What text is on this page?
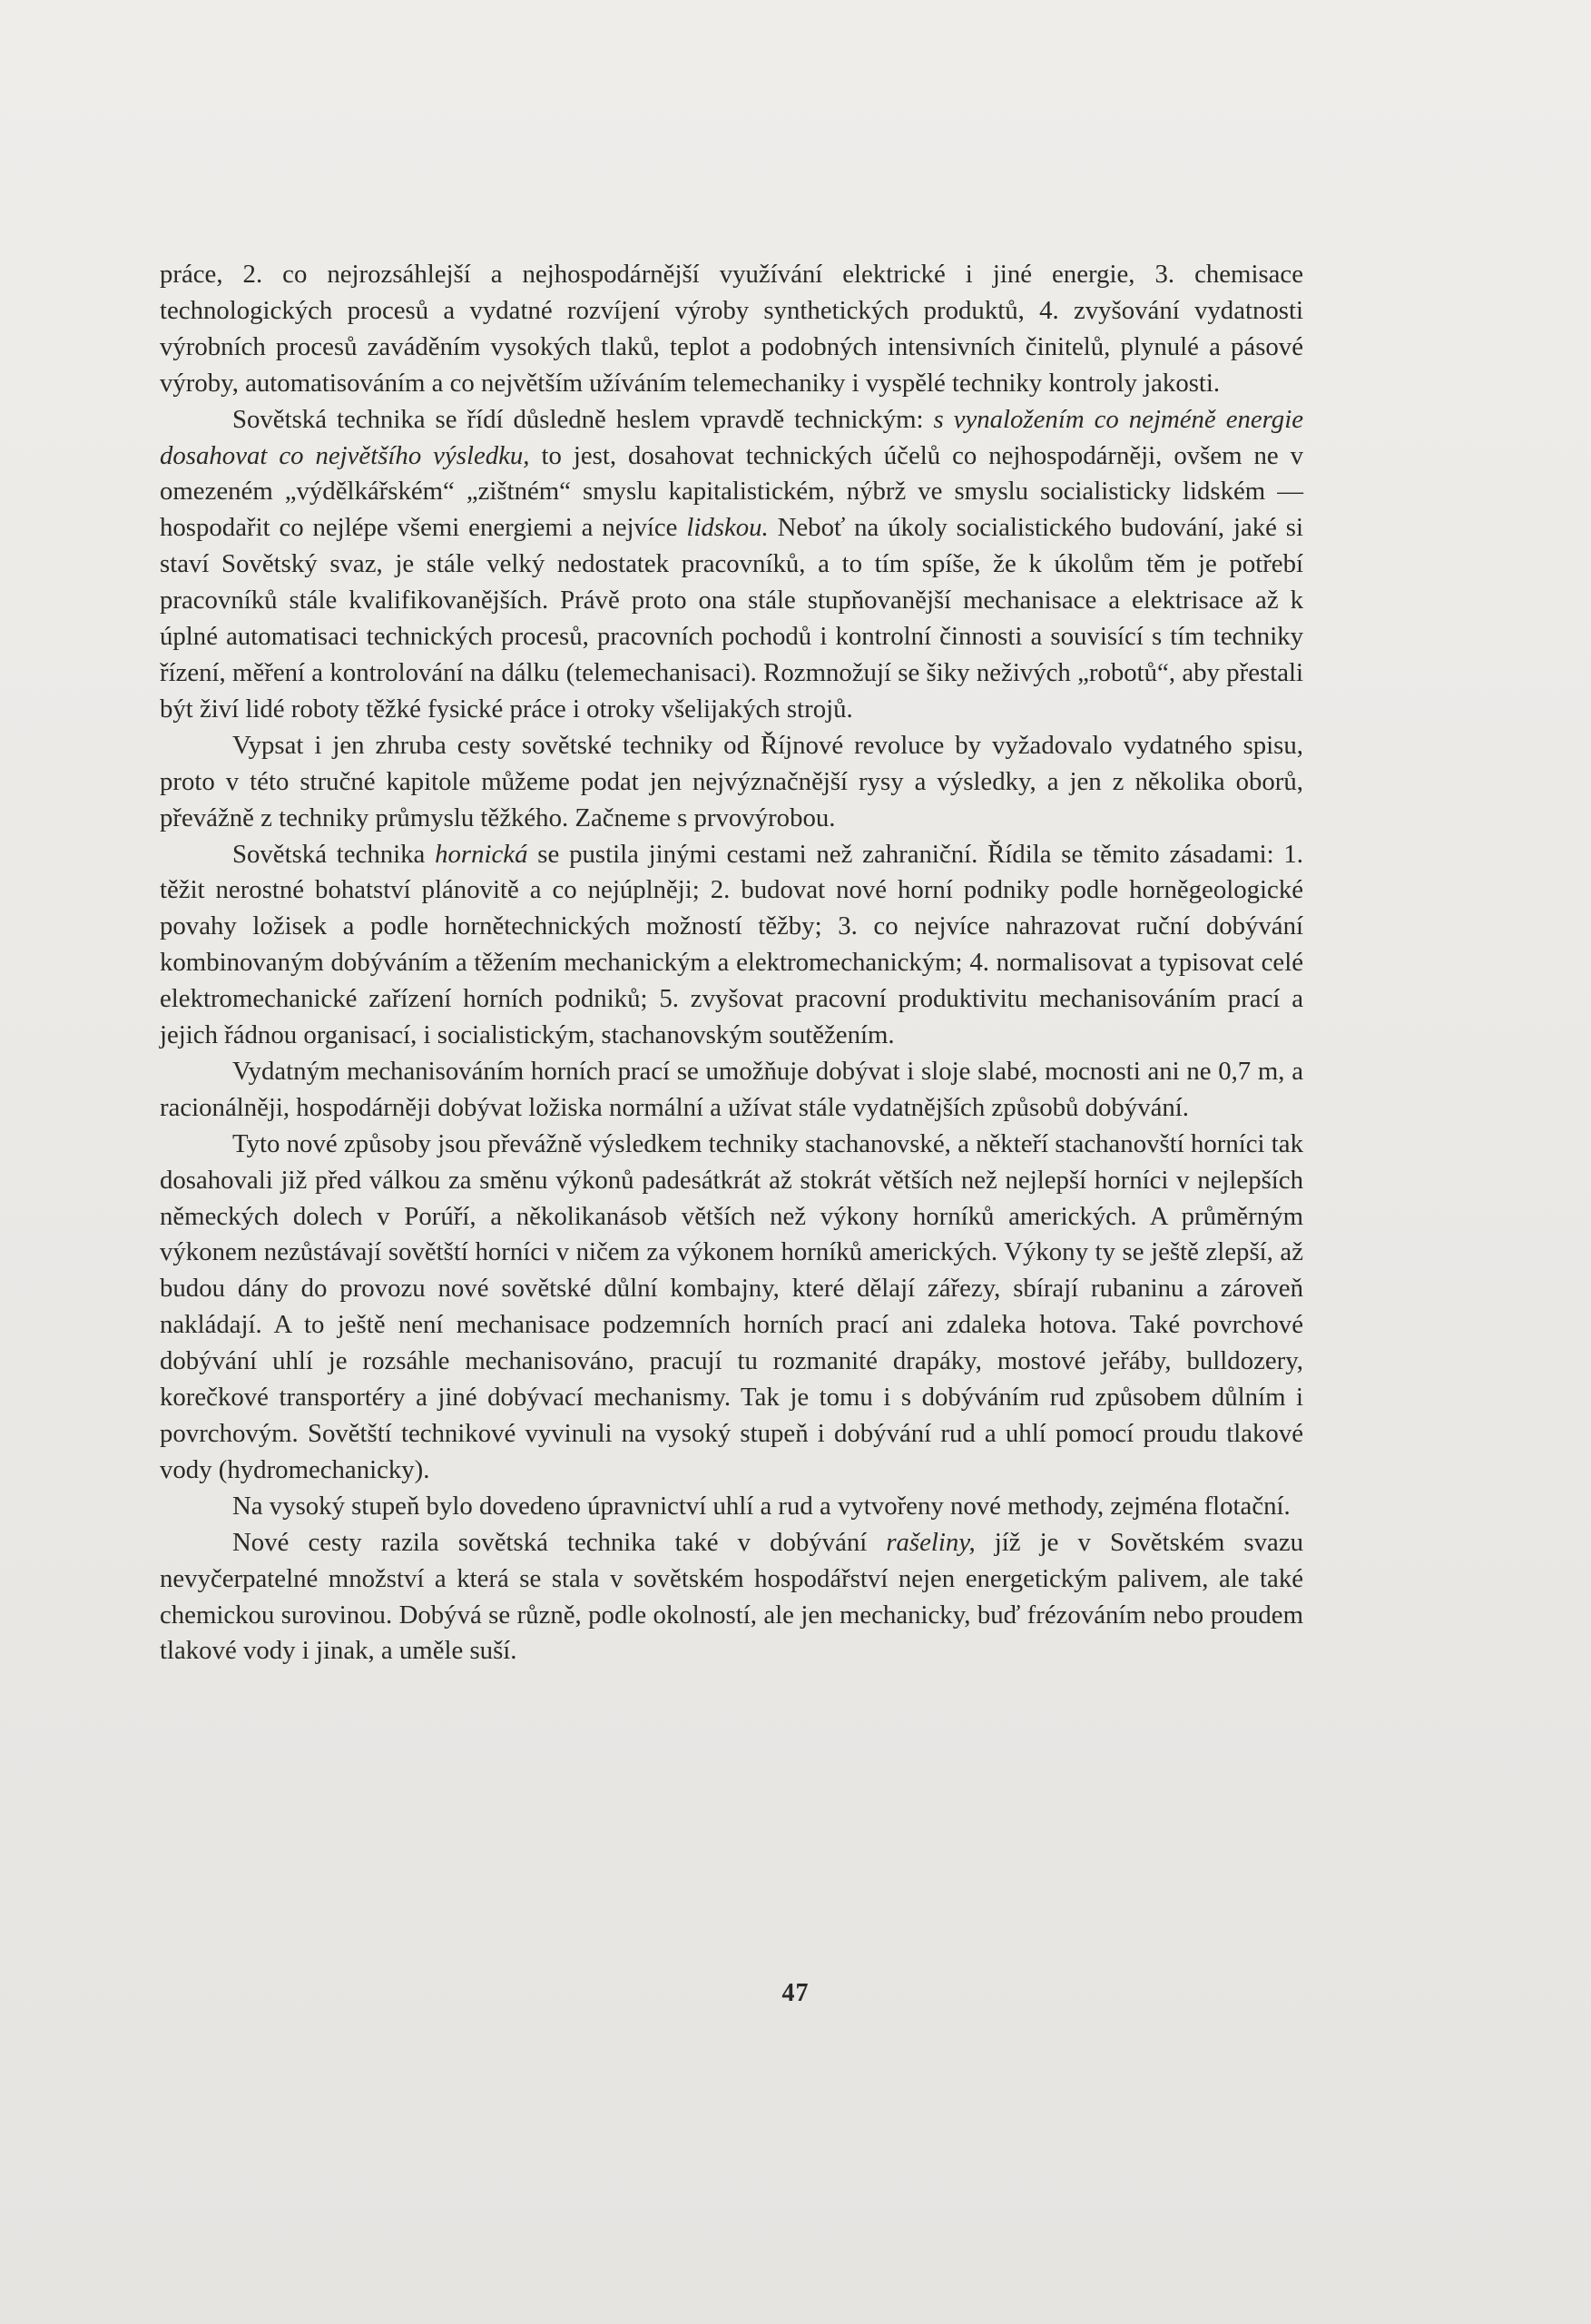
práce, 2. co nejrozsáhlejší a nejhospodárnější využívání elektrické i jiné energie, 3. chemisace technologických procesů a vydatné rozvíjení výroby synthetických produktů, 4. zvyšování vydatnosti výrobních procesů zaváděním vysokých tlaků, teplot a podobných intensivních činitelů, plynulé a pásové výroby, automatisováním a co největším užíváním telemechaniky i vyspělé techniky kontroly jakosti.

Sovětská technika se řídí důsledně heslem vpravdě technickým: s vynaložením co nejméně energie dosahovat co největšího výsledku, to jest, dosahovat technických účelů co nejhospodárněji, ovšem ne v omezeném „výdělkářském“ „zištném“ smyslu kapitalistickém, nýbrž ve smyslu socialisticky lidském — hospodařit co nejlépe všemi energiemi a nejvíce lidskou. Neboť na úkoly socialistického budování, jaké si staví Sovětský svaz, je stále velký nedostatek pracovníků, a to tím spíše, že k úkolům těm je potřebí pracovníků stále kvalifikovanějších. Právě proto ona stále stupňovanější mechanisace a elektrisace až k úplné automatisaci technických procesů, pracovních pochodů i kontrolní činnosti a souvisící s tím techniky řízení, měření a kontrolování na dálku (telemechanisaci). Rozmnožují se šiky neživých „robotů“, aby přestali být živí lidé roboty těžké fysické práce i otroky všelijakých strojů.

Vypsat i jen zhruba cesty sovětské techniky od Říjnové revoluce by vyžadovalo vydatného spisu, proto v této stručné kapitole můžeme podat jen nejvýznačnější rysy a výsledky, a jen z několika oborů, převážně z techniky průmyslu těžkého. Začneme s prvovýrobou.

Sovětská technika hornická se pustila jinými cestami než zahraniční. Řídila se těmito zásadami: 1. těžit nerostné bohatství plánovitě a co nejúplněji; 2. budovat nové horní podniky podle horněgeologické povahy ložisek a podle hornětechnických možností těžby; 3. co nejvíce nahrazovat ruční dobývání kombinovaným dobýváním a těžením mechanickým a elektromechanickým; 4. normalisovat a typisovat celé elektromechanické zařízení horních podniků; 5. zvyšovat pracovní produktivitu mechanisováním prací a jejich řádnou organisací, i socialistickým, stachanovským soutěžením.

Vydatným mechanisováním horních prací se umožňuje dobývat i sloje slabé, mocnosti ani ne 0,7 m, a racionálněji, hospodárněji dobývat ložiska normální a užívat stále vydatnějších způsobů dobývání.

Tyto nové způsoby jsou převážně výsledkem techniky stachanovské, a někteří stachanovští horníci tak dosahovali již před válkou za směnu výkonů padesátkrát až stokrát větších než nejlepší horníci v nejlepších německých dolech v Porúří, a několikanásob větších než výkony horníků amerických. A průměrným výkonem nezůstávají sovětští horníci v ničem za výkonem horníků amerických. Výkony ty se ještě zlepší, až budou dány do provozu nové sovětské důlní kombajny, které dělají zářezy, sbírají rubaninu a zároveň nakládají. A to ještě není mechanisace podzemních horních prací ani zdaleka hotova. Také povrchové dobývání uhlí je rozsáhle mechanisováno, pracují tu rozmanité drapáky, mostové jeřáby, bulldozery, korečkové transportéry a jiné dobývací mechanismy. Tak je tomu i s dobýváním rud způsobem důlním i povrchovým. Sovětští technikové vyvinuli na vysoký stupeň i dobývání rud a uhlí pomocí proudu tlakové vody (hydromechanicky).

Na vysoký stupeň bylo dovedeno úpravnictví uhlí a rud a vytvořeny nové methody, zejména flotační.

Nové cesty razila sovětská technika také v dobývání rašeliny, jíž je v Sovětském svazu nevyčerpatelné množství a která se stala v sovětském hospodářství nejen energetickým palivem, ale také chemickou surovinou. Dobývá se různě, podle okolností, ale jen mechanicky, buď frézováním nebo proudem tlakové vody i jinak, a uměle suší.

47
